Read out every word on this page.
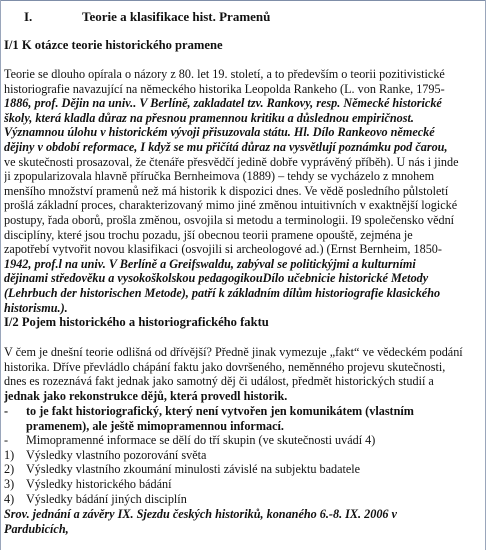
I.	Teorie a klasifikace hist. Pramenů
I/1 K otázce teorie historického pramene
Teorie se dlouho opírala o názory z 80. let 19. století, a to především o teorii pozitivistické
historiografie navazující na německého historika Leopolda Rankeho (L. von Ranke, 1795-
1886, prof. Dějin na univ.. V Berlíně, zakladatel tzv. Rankovy, resp. Německé historické
školy, která kladla důraz na přesnou pramennou kritiku a důslednou empiričnost.
Významnou úlohu v historickém vývoji přisuzovala státu. Hl. Dílo Rankeovo německé
dějiny v období reformace, I když se mu přičítá důraz na vysvětlují poznámku pod čarou,
ve skutečnosti prosazoval, že čtenáře přesvědčí jedině dobře vyprávěný příběh). U nás i jinde
ji zpopularizovala hlavně příručka Bernheimova (1889) – tehdy se vycházelo z mnohem
menšího množství pramenů než má historik k dispozici dnes. Ve vědě posledního půlstoletí
prošlá základní proces, charakterizovaný mimo jiné změnou intuitivních v exaktnější logické
postupy, řada oborů, prošla změnou, osvojila si metodu a terminologii. I9 společensko vědní
disciplíny, které jsou trochu pozadu, jší obecnou teorii pramene opouště, zejména je
zapotřebí vytvořit novou klasifikaci (osvojili si archeologové ad.) (Ernst Bernheim, 1850-
1942, prof.l na univ. V Berlíně a Greifswaldu, zabýval se politickýjmi a kulturními
dějinami středověku a vysokoškolskou pedagogikouDílo učebnicie historické Metody
(Lehrbuch der historischen Metode), patří k základním dílům historiografie klasického
historismu.).
I/2 Pojem historického a historiografického faktu
V čem je dnešní teorie odlišná od dřívější? Předně jinak vymezuje „fakt“ ve vědeckém podání
historika. Dříve převládlo chápání faktu jako dovršeného, neměnného projevu skutečnosti,
dnes es rozeznává fakt jednak jako samotný děj či událost, předmět historických studií a
jednak jako rekonstrukce dějů, která provedl historik.
-	to je fakt historiografický, který není vytvořen jen komunikátem (vlastním
pramenem), ale ještě mimopramennou informací.
-	Mimopramenné informace se dělí do tří skupin (ve skutečnosti uvádí 4)
1) Výsledky vlastního pozorování světa
2) Výsledky vlastního zkoumání minulosti závislé na subjektu badatele
3) Výsledky historického bádání
4) Výsledky bádání jiných disciplín
Srov. jednání a závěry IX. Sjezdu českých historiků, konaného 6.-8. IX. 2006 v
Pardubicích,
